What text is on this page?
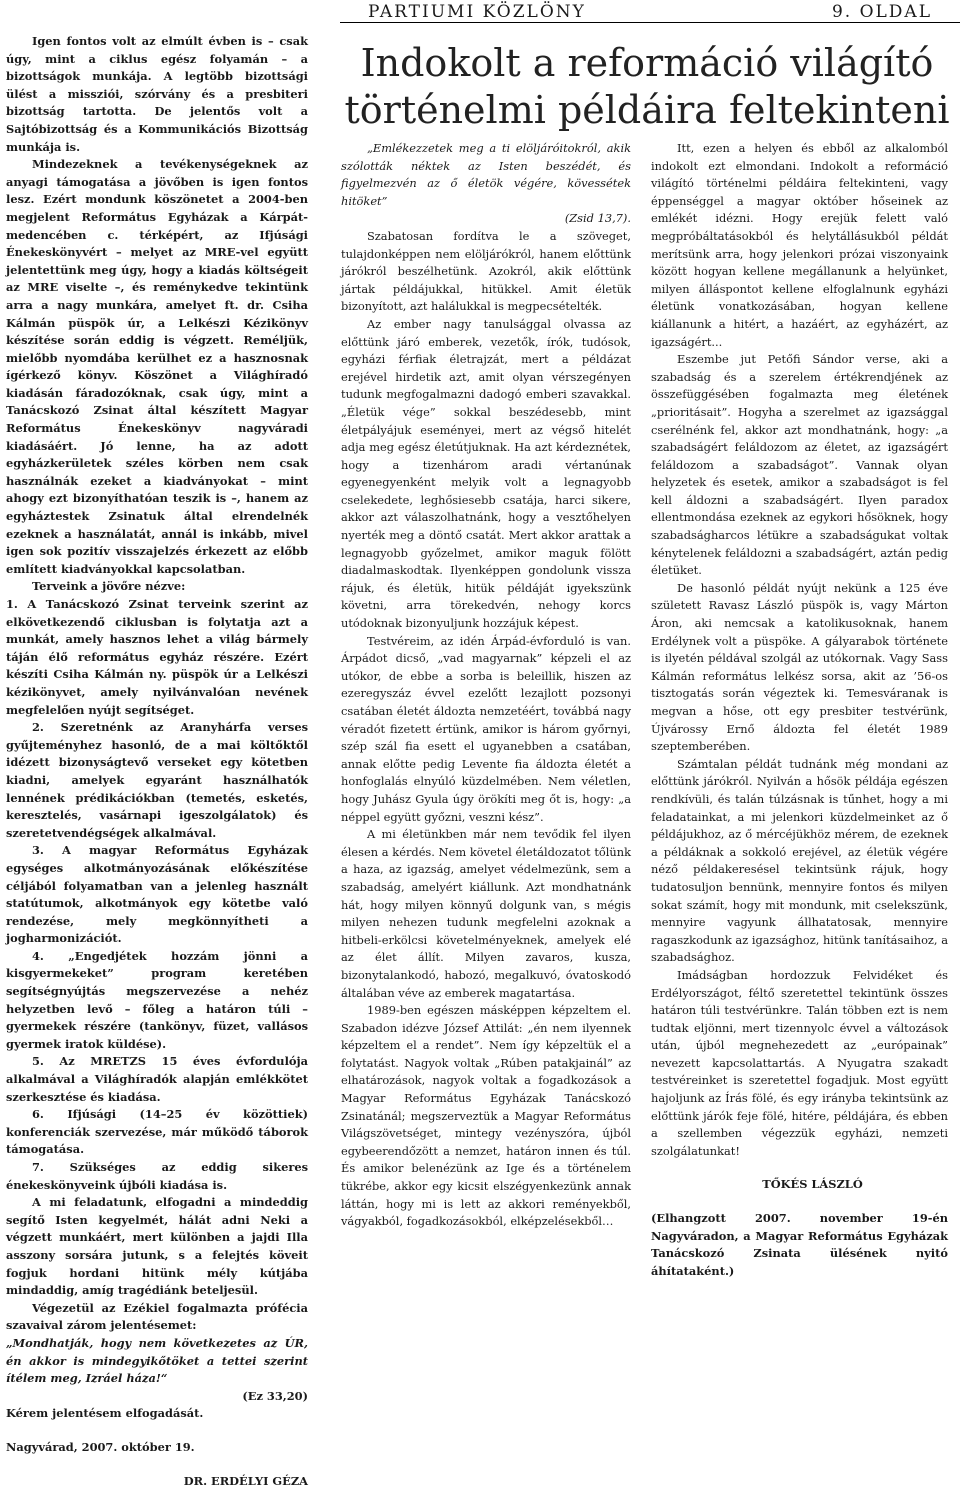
PARTIUMI KÖZLÖNY	9. OLDAL

Igen fontos volt az elmúlt évben is – csak úgy, mint a ciklus egész folyamán – a bizottságok munkája. A legtöbb bizottsági ülést a missziói, szórvány és a presbiteri bizottság tartotta. De jelentős volt a Sajtóbizottság és a Kommunikációs Bizottság munkája is.

Mindezeknek a tevékenységeknek az anyagi támogatása a jövőben is igen fontos lesz. Ezért mondunk köszönetet a 2004-ben megjelent Református Egyházak a Kárpát-medencében c. térképért, az Ifjúsági Énekeskönyvért – melyet az MRE-vel együtt jelentettünk meg úgy, hogy a kiadás költségeit az MRE viselte –, és reménykedve tekintünk arra a nagy munkára, amelyet ft. dr. Csiha Kálmán püspök úr, a Lelkészi Kézikönyv készítése során eddig is végzett. Reméljük, mielőbb nyomdába kerülhet ez a hasznosnak ígérkező könyv. Köszönet a Világhíradó kiadásán fáradozóknak, csak úgy, mint a Tanácskozó Zsinat által készített Magyar Református Énekeskönyv nagyváradi kiadásáért. Jó lenne, ha az adott egyházkerületek széles körben nem csak használnák ezeket a kiadványokat – mint ahogy ezt bizonyíthatóan teszik is –, hanem az egyháztestek Zsinatuk által elrendelnék ezeknek a használatát, annál is inkább, mivel igen sok pozitív visszajelzés érkezett az előbb említett kiadványokkal kapcsolatban.

Terveink a jövőre nézve:

1. A Tanácskozó Zsinat terveink szerint az elkövetkezendő ciklusban is folytatja azt a munkát, amely hasznos lehet a világ bármely táján élő református egyház részére. Ezért készíti Csiha Kálmán ny. püspök úr a Lelkészi kézikönyvet, amely nyilvánvalóan nevének megfelelően nyújt segítséget.

2. Szeretnénk az Aranyhárfa verses gyűjteményhez hasonló, de a mai költőktől idézett bizonyságtevő verseket egy kötetben kiadni, amelyek egyaránt használhatók lennének prédikációkban (temetés, esketés, keresztelés, vasárnapi igeszolgálatok) és szeretetvendégségek alkalmával.

3. A magyar Református Egyházak egységes alkotmányozásának előkészítése céljából folyamatban van a jelenleg használt statútumok, alkotmányok egy kötetbe való rendezése, mely megkönnyítheti a jogharmonizációt.

4. „Engedjétek hozzám jönni a kisgyermekeket” program keretében segítségnyújtás megszervezése a nehéz helyzetben levő – főleg a határon túli – gyermekek részére (tankönyv, füzet, vallásos gyermek iratok küldése).

5. Az MRETZS 15 éves évfordulója alkalmával a Világhíradók alapján emlékkötet szerkesztése és kiadása.

6. Ifjúsági (14–25 év közöttiek) konferenciák szervezése, már működő táborok támogatása.

7. Szükséges az eddig sikeres énekeskönyveink újbóli kiadása is.

A mi feladatunk, elfogadni a mindeddig segítő Isten kegyelmét, hálát adni Neki a végzett munkáért, mert különben a jajdi Illa asszony sorsára jutunk, s a felejtés köveit fogjuk hordani hitünk mély kútjába mindaddig, amíg tragédiánk beteljesül.

Végezetül az Ezékiel fogalmazta prófécia szavaival zárom jelentésemet:

„Mondhatják, hogy nem következetes az ÚR, én akkor is mindegyikőtöket a tettei szerint ítélem meg, Izráel háza!“

(Ez 33,20)

Kérem jelentésem elfogadását.

Nagyvárad, 2007. október 19.

DR. ERDÉLYI GÉZA

Indokolt a reformáció világító
történelmi példáira feltekinteni

„Emlékezzetek meg a ti elöljáróitokról, akik szólották néktek az Isten beszédét, és figyelmezvén az ő életök végére, kövessétek hitöket”

(Zsid 13,7).

Szabatosan fordítva le a szöveget, tulajdonképpen nem elöljárókról, hanem előttünk járókról beszélhetünk. Azokról, akik előttünk jártak példájukkal, hitükkel. Amit életük bizonyított, azt halálukkal is megpecsételték.

Az ember nagy tanulsággal olvassa az előttünk járó emberek, vezetők, írók, tudósok, egyházi férfiak életrajzát, mert a példázat erejével hirdetik azt, amit olyan vérszegényen tudunk megfogalmazni dadogó emberi szavakkal. „Életük vége” sokkal beszédesebb, mint életpályájuk eseményei, mert az végső hitelét adja meg egész életútjuknak. Ha azt kérdeznétek, hogy a tizenhárom aradi vértanúnak egyenegyenként melyik volt a legnagyobb cselekedete, leghősiesebb csatája, harci sikere, akkor azt válaszolhatnánk, hogy a vesztőhelyen nyerték meg a döntő csatát. Mert akkor arattak a legnagyobb győzelmet, amikor maguk fölött diadalmaskodtak. Ilyenképpen gondolunk vissza rájuk, és életük, hitük példáját igyekszünk követni, arra törekedvén, nehogy korcs utódoknak bizonyuljunk hozzájuk képest.

Testvéreim, az idén Árpád-évforduló is van. Árpádot dicső, „vad magyarnak” képzeli el az utókor, de ebbe a sorba is beleillik, hiszen az ezeregyszáz évvel ezelőtt lezajlott pozsonyi csatában életét áldozta nemzetéért, továbbá nagy véradót fizetett értünk, amikor is három győrnyi, szép szál fia esett el ugyanebben a csatában, annak előtte pedig Levente fia áldozta életét a honfoglalás elnyúló küzdelmében. Nem véletlen, hogy Juhász Gyula úgy örökíti meg őt is, hogy: „a néppel együtt győzni, veszni kész”.

A mi életünkben már nem tevődik fel ilyen élesen a kérdés. Nem követel életáldozatot tőlünk a haza, az igazság, amelyet védelmezünk, sem a szabadság, amelyért kiállunk. Azt mondhatnánk hát, hogy milyen könnyű dolgunk van, s mégis milyen nehezen tudunk megfelelni azoknak a hitbeli-erkölcsi követelményeknek, amelyek elé az élet állít. Milyen zavaros, kusza, bizonytalankodó, habozó, megalkuvó, óvatoskodó általában véve az emberek magatartása.

1989-ben egészen másképpen képzeltem el. Szabadon idézve József Attilát: „én nem ilyennek képzeltem el a rendet”. Nem így képzeltük el a folytatást. Nagyok voltak „Rúben patakjainál” az elhatározások, nagyok voltak a fogadkozások a Magyar Református Egyházak Tanácskozó Zsinatánál; megszerveztük a Magyar Református Világszövetséget, mintegy vezényszóra, újból egybeerendőzött a nemzet, határon innen és túl. És amikor belenézünk az Ige és a történelem tükrébe, akkor egy kicsit elszégyenkezünk annak láttán, hogy mi is lett az akkori reményekből, vágyakból, fogadkozásokból, elképzelésekből…

Itt, ezen a helyen és ebből az alkalomból indokolt ezt elmondani. Indokolt a reformáció világító történelmi példáira feltekinteni, vagy éppenséggel a magyar október hőseinek az emlékét idézni. Hogy erejük felett való megpróbáltatásokból és helytállásukból példát merítsünk arra, hogy jelenkori prózai viszonyaink között hogyan kellene megállanunk a helyünket, milyen álláspontot kellene elfoglalnunk egyházi életünk vonatkozásában, hogyan kellene kiállanunk a hitért, a hazáért, az egyházért, az igazságért...

Eszembe jut Petőfi Sándor verse, aki a szabadság és a szerelem értékrendjének az összefüggésében fogalmazta meg életének „prioritásait”. Hogyha a szerelmet az igazsággal cserélnénk fel, akkor azt mondhatnánk, hogy: „a szabadságért feláldozom az életet, az igazságért feláldozom a szabadságot”. Vannak olyan helyzetek és esetek, amikor a szabadságot is fel kell áldozni a szabadságért. Ilyen paradox ellentmondása ezeknek az egykori hősöknek, hogy szabadságharcos létükre a szabadságukat voltak kénytelenek feláldozni a szabadságért, aztán pedig életüket.

De hasonló példát nyújt nekünk a 125 éve született Ravasz László püspök is, vagy Márton Áron, aki nemcsak a katolikusoknak, hanem Erdélynek volt a püspöke. A gályarabok története is ilyetén példával szolgál az utókornak. Vagy Sass Kálmán református lelkész sorsa, akit az ’56-os tisztogatás során végeztek ki. Temesváranak is megvan a hőse, ott egy presbiter testvérünk, Újvárossy Ernő áldozta fel életét 1989 szeptemberében.

Számtalan példát tudnánk még mondani az előttünk járókról. Nyilván a hősök példája egészen rendkívüli, és talán túlzásnak is tűnhet, hogy a mi feladatainkat, a mi jelenkori küzdelmeinket az ő példájukhoz, az ő mércéjükhöz mérem, de ezeknek a példáknak a sokkoló erejével, az életük végére néző példakeresésel tekintsünk rájuk, hogy tudatosuljon bennünk, mennyire fontos és milyen sokat számít, hogy mit mondunk, mit cselekszünk, mennyire vagyunk állhatatosak, mennyire ragaszkodunk az igazsághoz, hitünk tanításaihoz, a szabadsághoz.

Imádságban hordozzuk Felvidéket és Erdélyországot, féltő szeretettel tekintünk összes határon túli testvérünkre. Talán többen ezt is nem tudtak eljönni, mert tizennyolc évvel a változások után, újból megnehezedett az „európainak” nevezett kapcsolattartás. A Nyugatra szakadt testvéreinket is szeretettel fogadjuk. Most együtt hajoljunk az Írás fölé, és egy irányba tekintsünk az előttünk járók feje fölé, hitére, példájára, és ebben a szellemben végezzük egyházi, nemzeti szolgálatunkat!

TŐKÉS LÁSZLÓ

(Elhangzott 2007. november 19-én Nagyváradon, a Magyar Református Egyházak Tanácskozó Zsinata ülésének nyitó áhítataként.)
